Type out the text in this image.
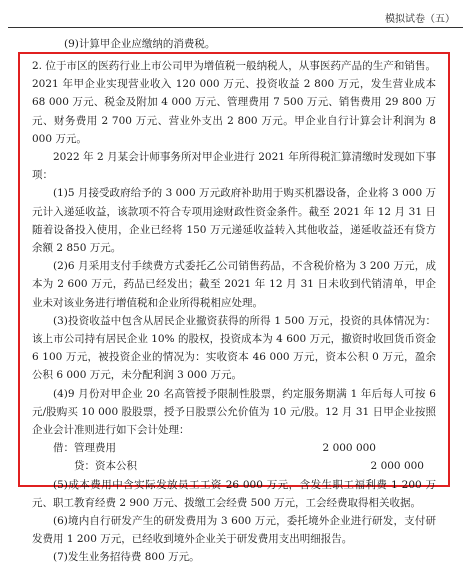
模拟试卷（五）
(9)计算甲企业应缴纳的消费税。

2. 位于市区的医药行业上市公司甲为增值税一般纳税人，从事医药产品的生产和销售。2021 年甲企业实现营业收入 120 000 万元、投资收益 2 800 万元，发生营业成本 68 000 万元、税金及附加 4 000 万元、管理费用 7 500 万元、销售费用 29 800 万元、财务费用 2 700 万元、营业外支出 2 800 万元。甲企业自行计算会计利润为 8 000 万元。

2022 年 2 月某会计师事务所对甲企业进行 2021 年所得税汇算清缴时发现如下事项：

(1)5 月接受政府给予的 3 000 万元政府补助用于购买机器设备，企业将 3 000 万元计入递延收益，该款项不符合专项用途财政性资金条件。截至 2021 年 12 月 31 日随着设备投入使用，企业已经将 150 万元递延收益转入其他收益，递延收益还有贷方余额 2 850 万元。

(2)6 月采用支付手续费方式委托乙公司销售药品，不含税价格为 3 200 万元，成本为 2 600 万元，药品已经发出；截至 2021 年 12 月 31 日未收到代销清单，甲企业未对该业务进行增值税和企业所得税相应处理。

(3)投资收益中包含从居民企业撤资获得的所得 1 500 万元，投资的具体情况为：该上市公司持有居民企业 10% 的股权，投资成本为 4 600 万元，撤资时收回货币资金 6 100 万元，被投资企业的情况为：实收资本 46 000 万元，资本公积 0 万元，盈余公积 6 000 万元，未分配利润 3 000 万元。

(4)9 月份对甲企业 20 名高管授予限制性股票，约定服务期满 1 年后每人可按 6 元/股购买 10 000 股股票，授予日股票公允价值为 10 元/股。12 月 31 日甲企业按照企业会计准则进行如下会计处理：

借：管理费用	2 000 000
贷：资本公积	2 000 000

(5)成本费用中含实际发放员工工资 26 000 万元，含发生职工福利费 1 200 万元、职工教育经费 2 900 万元、拨缴工会经费 500 万元，工会经费取得相关收据。

(6)境内自行研发产生的研发费用为 3 600 万元，委托境外企业进行研发，支付研发费用 1 200 万元，已经收到境外企业关于研发费用支出明细报告。

(7)发生业务招待费 800 万元。
